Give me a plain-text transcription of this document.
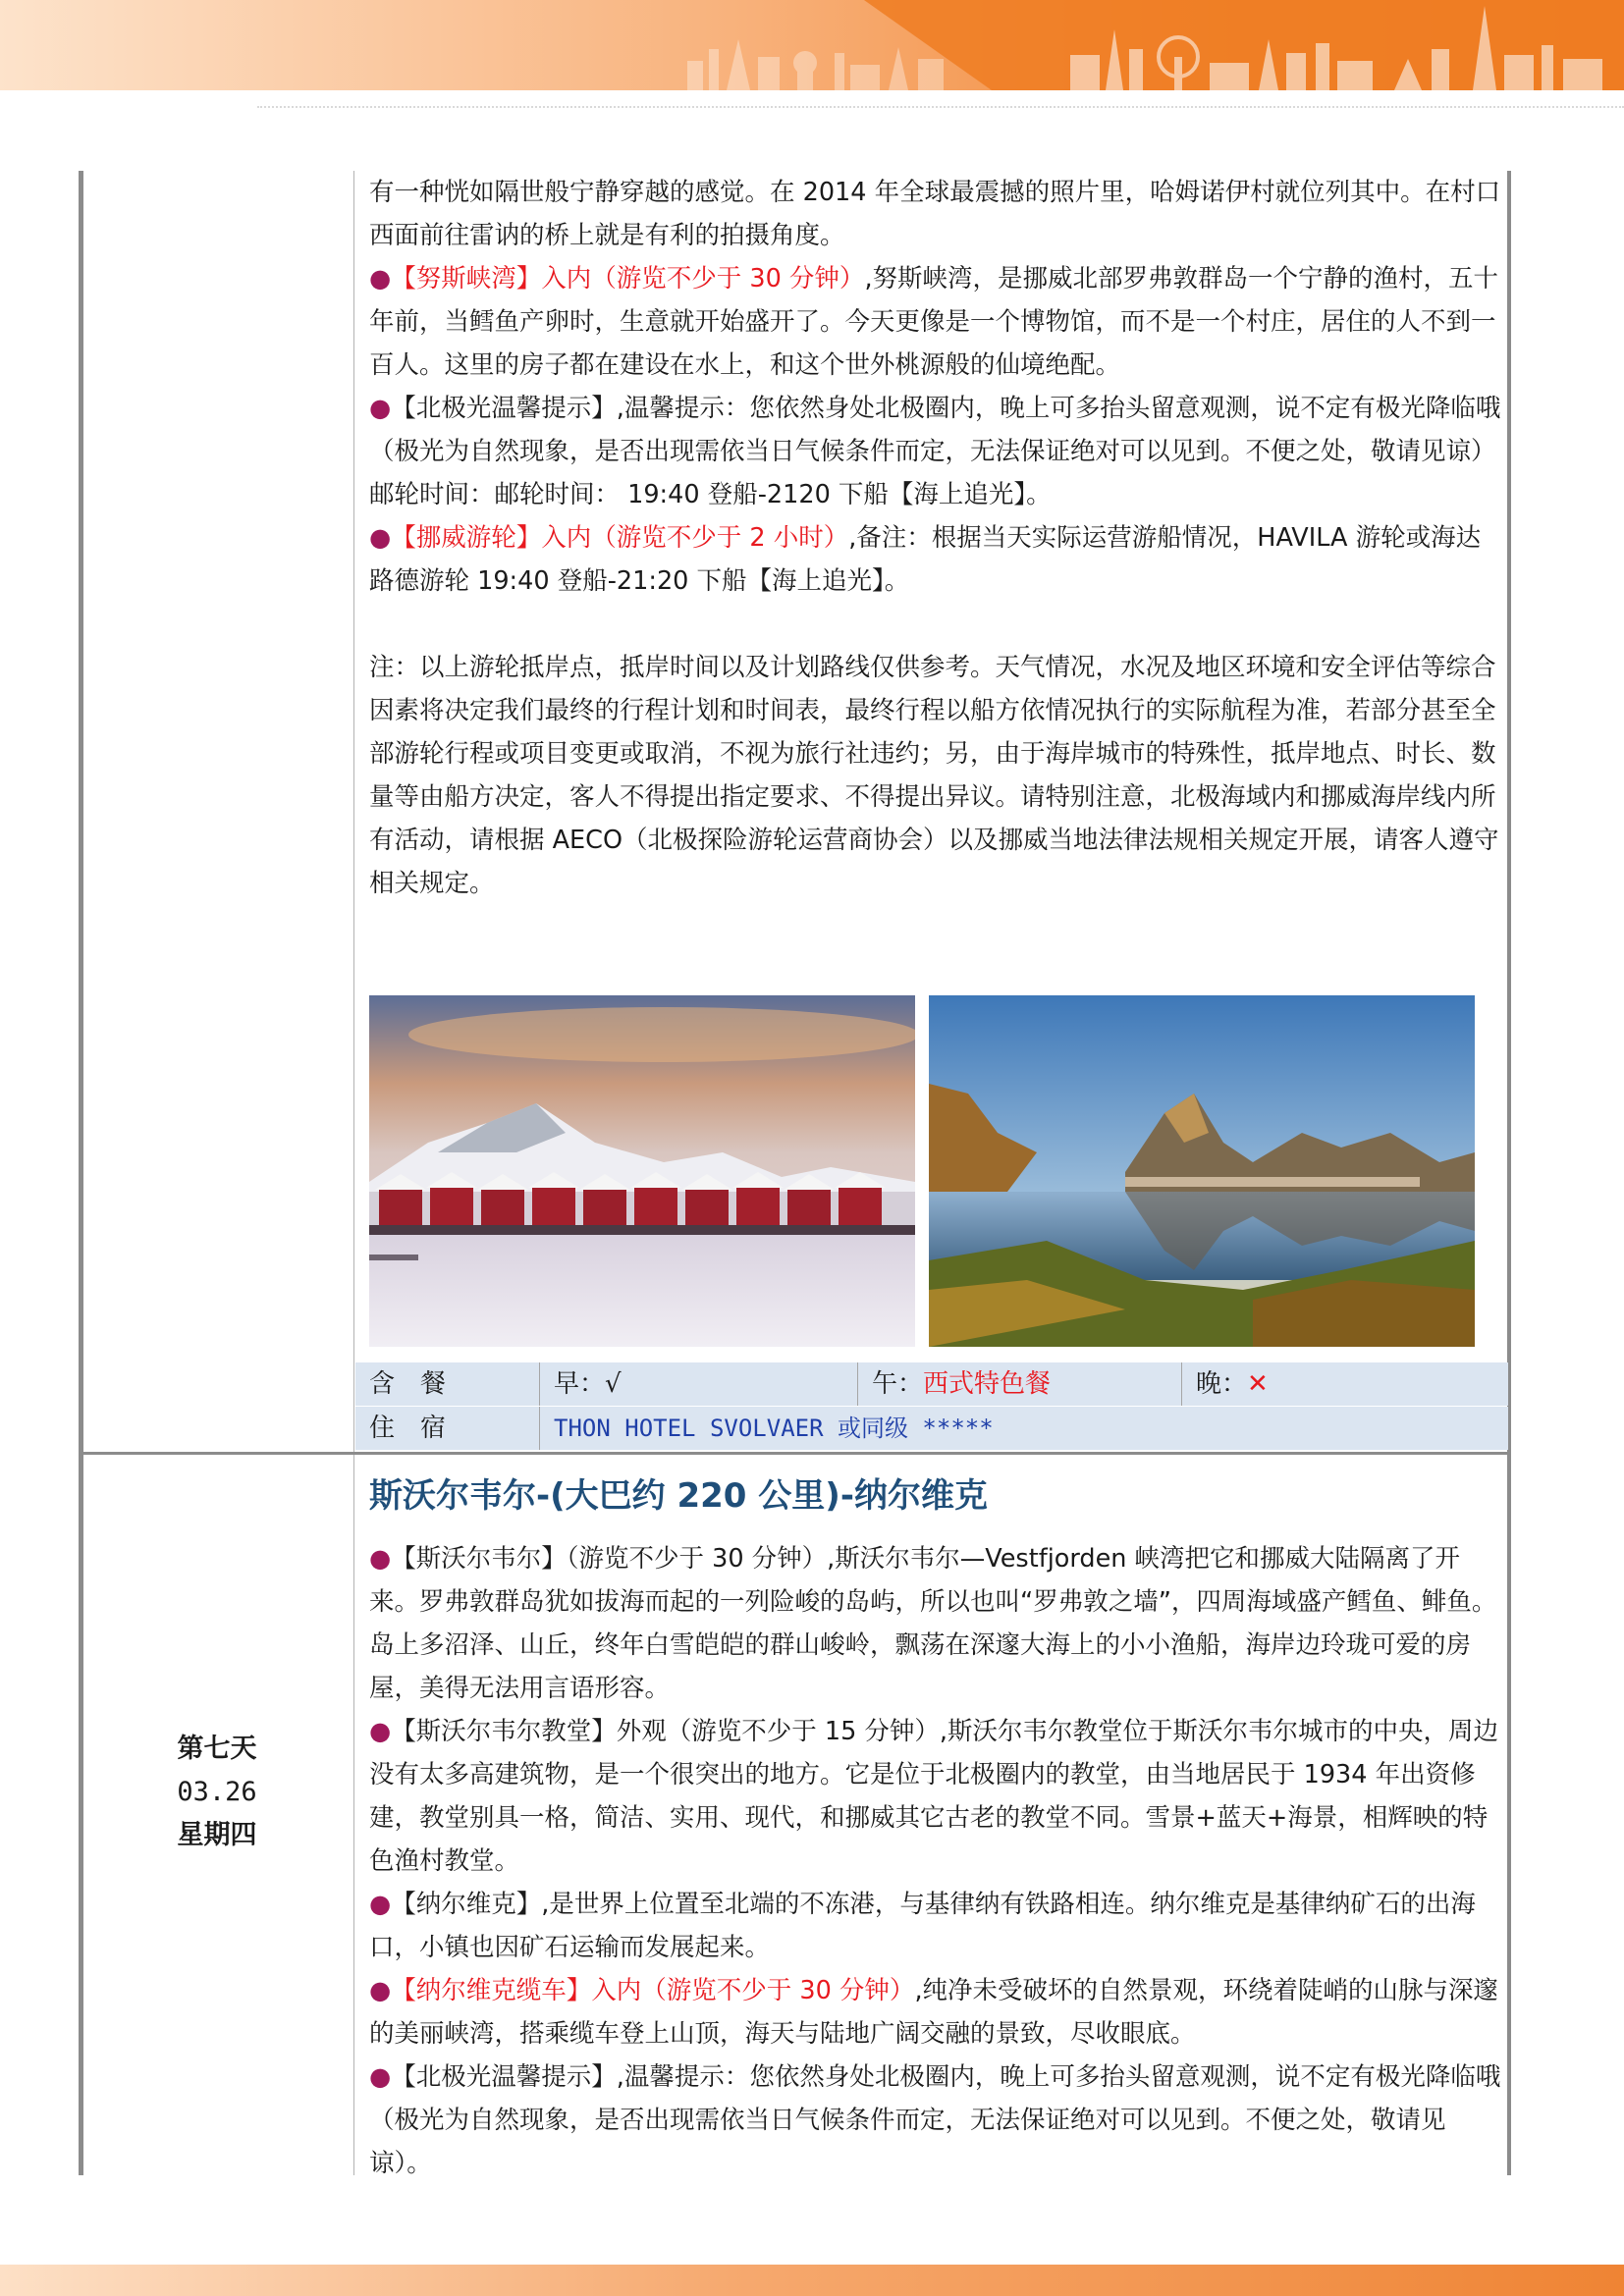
有一种恍如隔世般宁静穿越的感觉。在 2014 年全球最震撼的照片里，哈姆诺伊村就位列其中。在村口西面前往雷讷的桥上就是有利的拍摄角度。

●【努斯峡湾】入内（游览不少于 30 分钟）,努斯峡湾，是挪威北部罗弗敦群岛一个宁静的渔村，五十年前，当鳕鱼产卵时，生意就开始盛开了。今天更像是一个博物馆，而不是一个村庄，居住的人不到一百人。这里的房子都在建设在水上，和这个世外桃源般的仙境绝配。

●【北极光温馨提示】,温馨提示：您依然身处北极圈内，晚上可多抬头留意观测，说不定有极光降临哦（极光为自然现象，是否出现需依当日气候条件而定，无法保证绝对可以见到。不便之处，敬请见谅）

邮轮时间：邮轮时间： 19:40 登船-2120 下船【海上追光】。

●【挪威游轮】入内（游览不少于 2 小时）,备注：根据当天实际运营游船情况，HAVILA 游轮或海达路德游轮 19:40 登船-21:20 下船【海上追光】。

注：以上游轮抵岸点，抵岸时间以及计划路线仅供参考。天气情况，水况及地区环境和安全评估等综合因素将决定我们最终的行程计划和时间表，最终行程以船方依情况执行的实际航程为准，若部分甚至全部游轮行程或项目变更或取消，不视为旅行社违约；另，由于海岸城市的特殊性，抵岸地点、时长、数量等由船方决定，客人不得提出指定要求、不得提出异议。请特别注意，北极海域内和挪威海岸线内所有活动，请根据 AECO（北极探险游轮运营商协会）以及挪威当地法律法规相关规定开展，请客人遵守相关规定。

含　餐	早：√	午：西式特色餐	晚：✕
住　宿	THON HOTEL SVOLVAER 或同级 *****
第七天
03.26
星期四
斯沃尔韦尔-(大巴约 220 公里)-纳尔维克

●【斯沃尔韦尔】（游览不少于 30 分钟）,斯沃尔韦尔—Vestfjorden 峡湾把它和挪威大陆隔离了开来。罗弗敦群岛犹如拔海而起的一列险峻的岛屿，所以也叫“罗弗敦之墙”，四周海域盛产鳕鱼、鲱鱼。岛上多沼泽、山丘，终年白雪皑皑的群山峻岭，飘荡在深邃大海上的小小渔船，海岸边玲珑可爱的房屋，美得无法用言语形容。

●【斯沃尔韦尔教堂】外观（游览不少于 15 分钟）,斯沃尔韦尔教堂位于斯沃尔韦尔城市的中央，周边没有太多高建筑物，是一个很突出的地方。它是位于北极圈内的教堂，由当地居民于 1934 年出资修建，教堂别具一格，简洁、实用、现代，和挪威其它古老的教堂不同。雪景+蓝天+海景，相辉映的特色渔村教堂。

●【纳尔维克】,是世界上位置至北端的不冻港，与基律纳有铁路相连。纳尔维克是基律纳矿石的出海口，小镇也因矿石运输而发展起来。

●【纳尔维克缆车】入内（游览不少于 30 分钟）,纯净未受破坏的自然景观，环绕着陡峭的山脉与深邃的美丽峡湾，搭乘缆车登上山顶，海天与陆地广阔交融的景致，尽收眼底。

●【北极光温馨提示】,温馨提示：您依然身处北极圈内，晚上可多抬头留意观测，说不定有极光降临哦（极光为自然现象，是否出现需依当日气候条件而定，无法保证绝对可以见到。不便之处，敬请见谅）。
